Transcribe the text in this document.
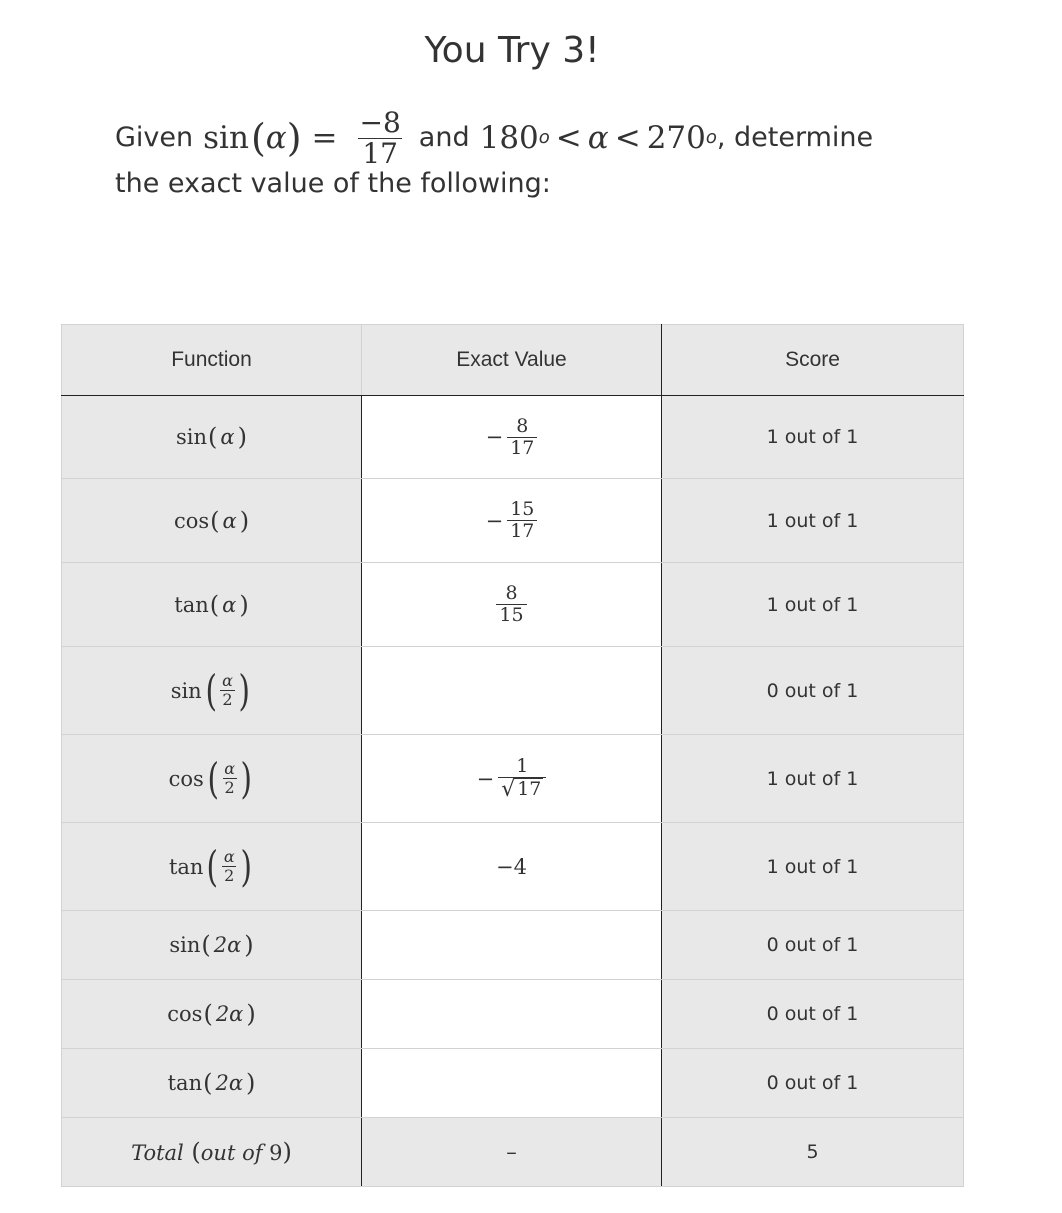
You Try 3!
Given sin ( α ) = $\frac{-8}{17}$ and 180 o < α < 270 o , determine
the exact value of the following:
Function	Exact Value	Score

sin ( α )	− $\frac{8}{17}$	1 out of 1

cos ( α )	− $\frac{15}{17}$	1 out of 1

tan ( α )	$\frac{8}{15}$	1 out of 1

sin ( $\frac{\alpha}{2}$ )		0 out of 1

cos ( $\frac{\alpha}{2}$ )	− $\frac{1}{√ 17}$	1 out of 1

tan ( $\frac{\alpha}{2}$ )	−4	1 out of 1

sin ( 2α )		0 out of 1

cos ( 2α )		0 out of 1

tan ( 2α )		0 out of 1
Total (out of 9)	–	5
